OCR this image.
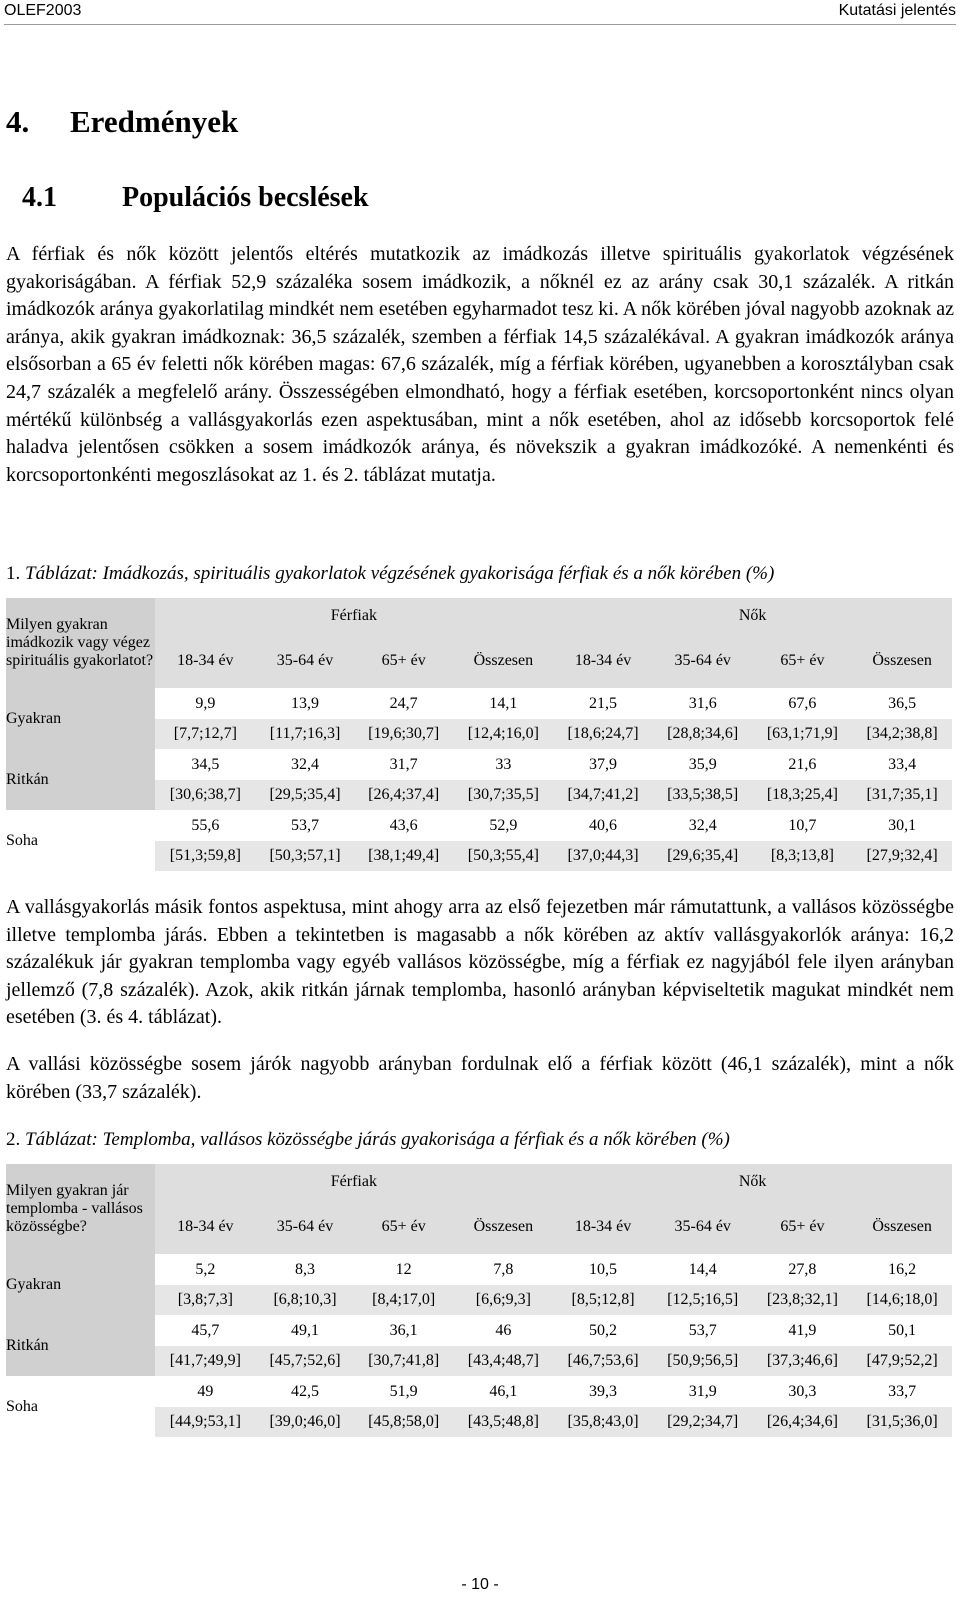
OLEF2003	Kutatási jelentés
4. Eredmények
4.1 Populációs becslések

A férfiak és nők között jelentős eltérés mutatkozik az imádkozás illetve spirituális gyakorlatok végzésének gyakoriságában. A férfiak 52,9 százaléka sosem imádkozik, a nőknél ez az arány csak 30,1 százalék. A ritkán imádkozók aránya gyakorlatilag mindkét nem esetében egyharmadot tesz ki. A nők körében jóval nagyobb azoknak az aránya, akik gyakran imádkoznak: 36,5 százalék, szemben a férfiak 14,5 százalékával. A gyakran imádkozók aránya elsősorban a 65 év feletti nők körében magas: 67,6 százalék, míg a férfiak körében, ugyanebben a korosztályban csak 24,7 százalék a megfelelő arány. Összességében elmondható, hogy a férfiak esetében, korcsoportonként nincs olyan mértékű különbség a vallásgyakorlás ezen aspektusában, mint a nők esetében, ahol az idősebb korcsoportok felé haladva jelentősen csökken a sosem imádkozók aránya, és növekszik a gyakran imádkozóké. A nemenkénti és korcsoportonkénti megoszlásokat az 1. és 2. táblázat mutatja.

1. Táblázat: Imádkozás, spirituális gyakorlatok végzésének gyakorisága férfiak és a nők körében (%)

Milyen gyakran imádkozik vagy végez spirituális gyakorlatot?	Férfiak				Nők			
	18-34 év	35-64 év	65+ év	Összesen	18-34 év	35-64 év	65+ év	Összesen
Gyakran	9,9	13,9	24,7	14,1	21,5	31,6	67,6	36,5
	[7,7;12,7]	[11,7;16,3]	[19,6;30,7]	[12,4;16,0]	[18,6;24,7]	[28,8;34,6]	[63,1;71,9]	[34,2;38,8]
Ritkán	34,5	32,4	31,7	33	37,9	35,9	21,6	33,4
	[30,6;38,7]	[29,5;35,4]	[26,4;37,4]	[30,7;35,5]	[34,7;41,2]	[33,5;38,5]	[18,3;25,4]	[31,7;35,1]
Soha	55,6	53,7	43,6	52,9	40,6	32,4	10,7	30,1
	[51,3;59,8]	[50,3;57,1]	[38,1;49,4]	[50,3;55,4]	[37,0;44,3]	[29,6;35,4]	[8,3;13,8]	[27,9;32,4]

A vallásgyakorlás másik fontos aspektusa, mint ahogy arra az első fejezetben már rámutattunk, a vallásos közösségbe illetve templomba járás. Ebben a tekintetben is magasabb a nők körében az aktív vallásgyakorlók aránya: 16,2 százalékuk jár gyakran templomba vagy egyéb vallásos közösségbe, míg a férfiak ez nagyjából fele ilyen arányban jellemző (7,8 százalék). Azok, akik ritkán járnak templomba, hasonló arányban képviseltetik magukat mindkét nem esetében (3. és 4. táblázat).

A vallási közösségbe sosem járók nagyobb arányban fordulnak elő a férfiak között (46,1 százalék), mint a nők körében (33,7 százalék).

2. Táblázat: Templomba, vallásos közösségbe járás gyakorisága a férfiak és a nők körében (%)

Milyen gyakran jár templomba - vallásos közösségbe?	Férfiak				Nők			
	18-34 év	35-64 év	65+ év	Összesen	18-34 év	35-64 év	65+ év	Összesen
Gyakran	5,2	8,3	12	7,8	10,5	14,4	27,8	16,2
	[3,8;7,3]	[6,8;10,3]	[8,4;17,0]	[6,6;9,3]	[8,5;12,8]	[12,5;16,5]	[23,8;32,1]	[14,6;18,0]
Ritkán	45,7	49,1	36,1	46	50,2	53,7	41,9	50,1
	[41,7;49,9]	[45,7;52,6]	[30,7;41,8]	[43,4;48,7]	[46,7;53,6]	[50,9;56,5]	[37,3;46,6]	[47,9;52,2]
Soha	49	42,5	51,9	46,1	39,3	31,9	30,3	33,7
	[44,9;53,1]	[39,0;46,0]	[45,8;58,0]	[43,5;48,8]	[35,8;43,0]	[29,2;34,7]	[26,4;34,6]	[31,5;36,0]
- 10 -
